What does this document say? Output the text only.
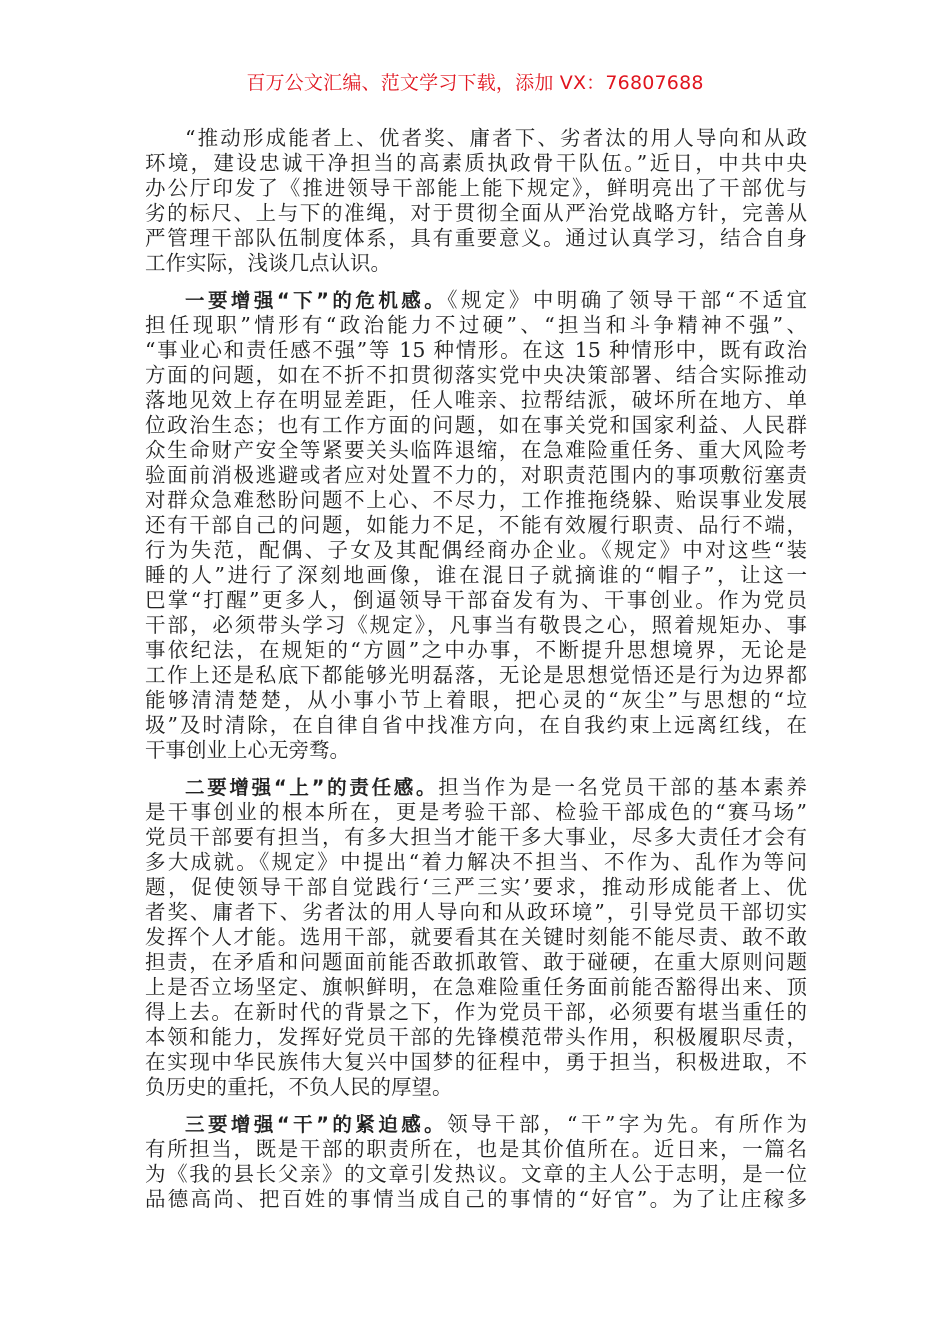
百万公文汇编、范文学习下载，添加 VX：76807688
“推动形成能者上、优者奖、庸者下、劣者汰的用人导向和从政
环境，建设忠诚干净担当的高素质执政骨干队伍。”近日，中共中央
办公厅印发了《推进领导干部能上能下规定》，鲜明亮出了干部优与
劣的标尺、上与下的准绳，对于贯彻全面从严治党战略方针，完善从
严管理干部队伍制度体系，具有重要意义。通过认真学习，结合自身
工作实际，浅谈几点认识。
一要增强“下”的危机感。《规定》中明确了领导干部“不适宜
担任现职”情形有“政治能力不过硬”、“担当和斗争精神不强”、
“事业心和责任感不强”等 15 种情形。在这 15 种情形中，既有政治
方面的问题，如在不折不扣贯彻落实党中央决策部署、结合实际推动
落地见效上存在明显差距，任人唯亲、拉帮结派，破坏所在地方、单
位政治生态；也有工作方面的问题，如在事关党和国家利益、人民群
众生命财产安全等紧要关头临阵退缩，在急难险重任务、重大风险考
验面前消极逃避或者应对处置不力的，对职责范围内的事项敷衍塞责
对群众急难愁盼问题不上心、不尽力，工作推拖绕躲、贻误事业发展
还有干部自己的问题，如能力不足，不能有效履行职责、品行不端，
行为失范，配偶、子女及其配偶经商办企业。《规定》中对这些“装
睡的人”进行了深刻地画像，谁在混日子就摘谁的“帽子”，让这一
巴掌“打醒”更多人，倒逼领导干部奋发有为、干事创业。作为党员
干部，必须带头学习《规定》，凡事当有敬畏之心，照着规矩办、事
事依纪法，在规矩的“方圆”之中办事，不断提升思想境界，无论是
工作上还是私底下都能够光明磊落，无论是思想觉悟还是行为边界都
能够清清楚楚，从小事小节上着眼，把心灵的“灰尘”与思想的“垃
圾”及时清除，在自律自省中找准方向，在自我约束上远离红线，在
干事创业上心无旁骛。
二要增强“上”的责任感。担当作为是一名党员干部的基本素养
是干事创业的根本所在，更是考验干部、检验干部成色的“赛马场”
党员干部要有担当，有多大担当才能干多大事业，尽多大责任才会有
多大成就。《规定》中提出“着力解决不担当、不作为、乱作为等问
题，促使领导干部自觉践行‘三严三实’要求，推动形成能者上、优
者奖、庸者下、劣者汰的用人导向和从政环境”，引导党员干部切实
发挥个人才能。选用干部，就要看其在关键时刻能不能尽责、敢不敢
担责，在矛盾和问题面前能否敢抓敢管、敢于碰硬，在重大原则问题
上是否立场坚定、旗帜鲜明，在急难险重任务面前能否豁得出来、顶
得上去。在新时代的背景之下，作为党员干部，必须要有堪当重任的
本领和能力，发挥好党员干部的先锋模范带头作用，积极履职尽责，
在实现中华民族伟大复兴中国梦的征程中，勇于担当，积极进取，不
负历史的重托，不负人民的厚望。
三要增强“干”的紧迫感。领导干部，“干”字为先。有所作为
有所担当，既是干部的职责所在，也是其价值所在。近日来，一篇名
为《我的县长父亲》的文章引发热议。文章的主人公于志明，是一位
品德高尚、把百姓的事情当成自己的事情的“好官”。为了让庄稼多
